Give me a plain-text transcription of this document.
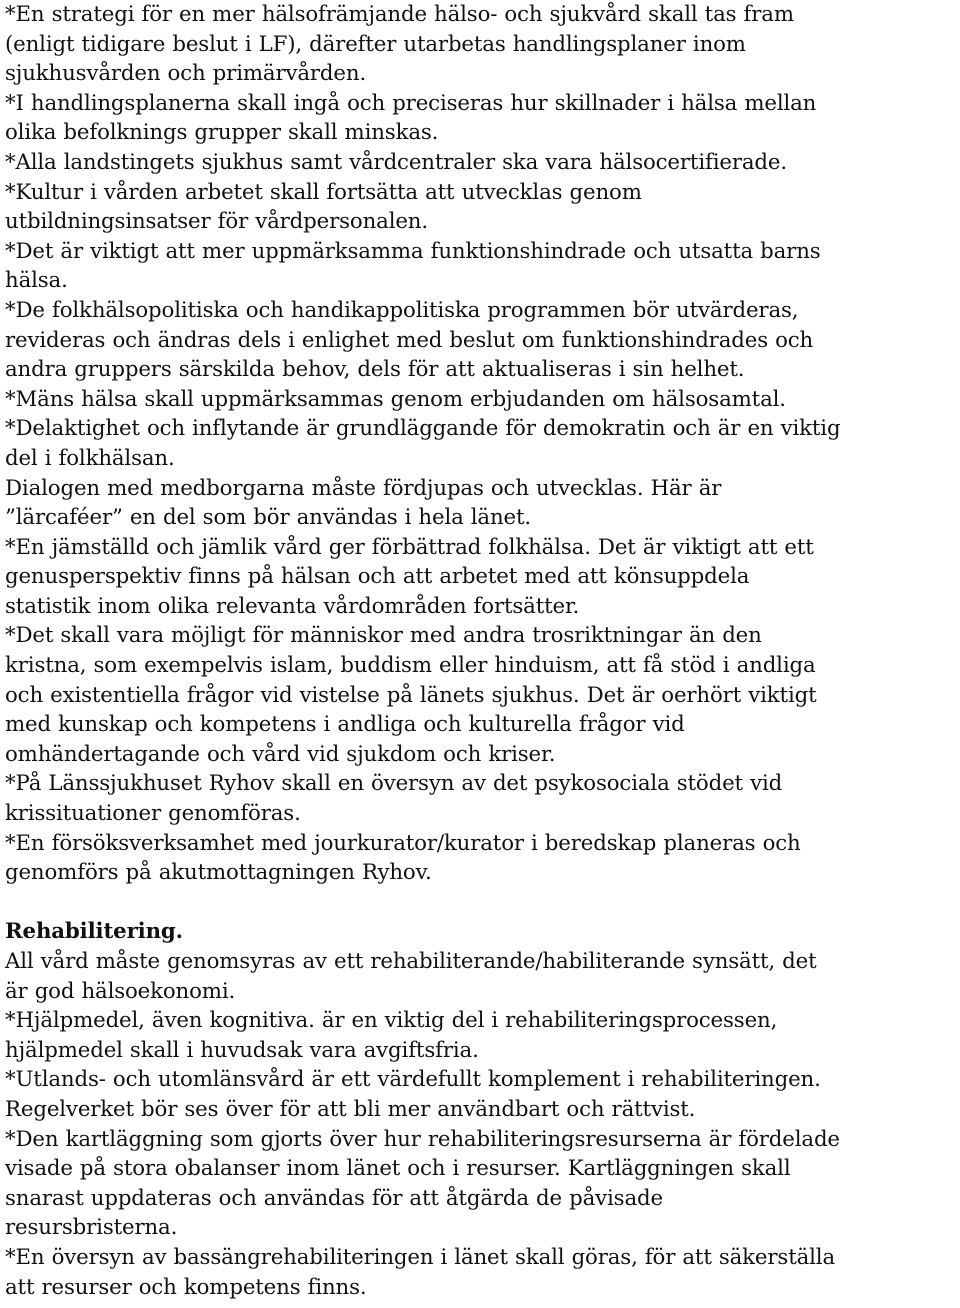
*En strategi för en mer hälsofrämjande hälso- och sjukvård skall tas fram
(enligt tidigare beslut i LF), därefter utarbetas handlingsplaner inom
sjukhusvården och primärvården.
*I handlingsplanerna skall ingå och preciseras hur skillnader i hälsa mellan
olika befolknings grupper skall minskas.
*Alla landstingets sjukhus samt vårdcentraler ska vara hälsocertifierade.
*Kultur i vården arbetet skall fortsätta att utvecklas genom
utbildningsinsatser för vårdpersonalen.
*Det är viktigt att mer uppmärksamma funktionshindrade och utsatta barns
hälsa.
*De folkhälsopolitiska och handikappolitiska programmen bör utvärderas,
revideras och ändras dels i enlighet med beslut om funktionshindrades och
andra gruppers särskilda behov, dels för att aktualiseras i sin helhet.
*Mäns hälsa skall uppmärksammas genom erbjudanden om hälsosamtal.
*Delaktighet och inflytande är grundläggande för demokratin och är en viktig
del i folkhälsan.
Dialogen med medborgarna måste fördjupas och utvecklas. Här är
”lärcaféer” en del som bör användas i hela länet.
*En jämställd och jämlik vård ger förbättrad folkhälsa. Det är viktigt att ett
genusperspektiv finns på hälsan och att arbetet med att könsuppdela
statistik inom olika relevanta vårdområden fortsätter.
*Det skall vara möjligt för människor med andra trosriktningar än den
kristna, som exempelvis islam, buddism eller hinduism, att få stöd i andliga
och existentiella frågor vid vistelse på länets sjukhus. Det är oerhört viktigt
med kunskap och kompetens i andliga och kulturella frågor vid
omhändertagande och vård vid sjukdom och kriser.
*På Länssjukhuset Ryhov skall en översyn av det psykosociala stödet vid
krissituationer genomföras.
*En försöksverksamhet med jourkurator/kurator i beredskap planeras och
genomförs på akutmottagningen Ryhov.
Rehabilitering.
All vård måste genomsyras av ett rehabiliterande/habiliterande synsätt, det
är god hälsoekonomi.
*Hjälpmedel, även kognitiva. är en viktig del i rehabiliteringsprocessen,
hjälpmedel skall i huvudsak vara avgiftsfria.
*Utlands- och utomlänsvård är ett värdefullt komplement i rehabiliteringen.
Regelverket bör ses över för att bli mer användbart och rättvist.
*Den kartläggning som gjorts över hur rehabiliteringsresurserna är fördelade
visade på stora obalanser inom länet och i resurser. Kartläggningen skall
snarast uppdateras och användas för att åtgärda de påvisade
resursbristerna.
*En översyn av bassängrehabiliteringen i länet skall göras, för att säkerställa
att resurser och kompetens finns.
